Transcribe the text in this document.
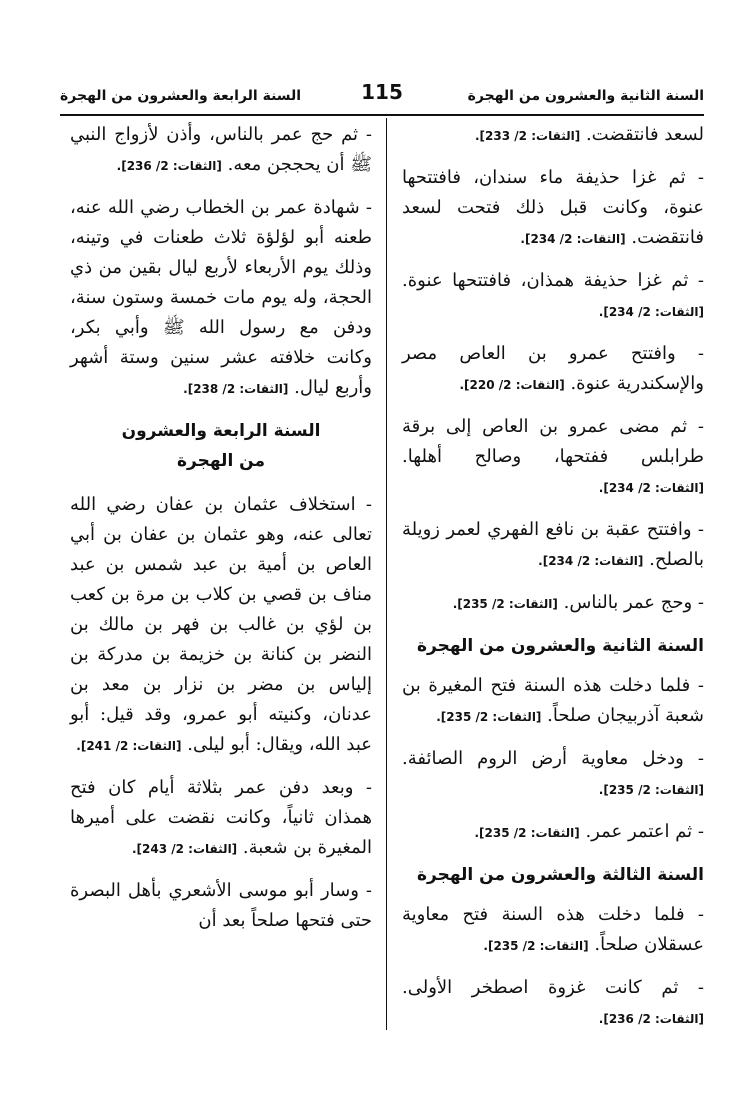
السنة الثانية والعشرون من الهجرة
115
السنة الرابعة والعشرون من الهجرة

لسعد فانتقضت. [الثقات: 2/ 233].

- ثم غزا حذيفة ماء سندان، فافتتحها عنوة، وكانت قبل ذلك فتحت لسعد فانتقضت. [الثقات: 2/ 234].

- ثم غزا حذيفة همذان، فافتتحها عنوة. [الثقات: 2/ 234].

- وافتتح عمرو بن العاص مصر والإسكندرية عنوة. [الثقات: 2/ 220].

- ثم مضى عمرو بن العاص إلى برقة طرابلس ففتحها، وصالح أهلها. [الثقات: 2/ 234].

- وافتتح عقبة بن نافع الفهري لعمر زويلة بالصلح. [الثقات: 2/ 234].

- وحج عمر بالناس. [الثقات: 2/ 235].

السنة الثانية والعشرون من الهجرة

- فلما دخلت هذه السنة فتح المغيرة بن شعبة آذربيجان صلحاً. [الثقات: 2/ 235].

- ودخل معاوية أرض الروم الصائفة. [الثقات: 2/ 235].

- ثم اعتمر عمر. [الثقات: 2/ 235].

السنة الثالثة والعشرون من الهجرة

- فلما دخلت هذه السنة فتح معاوية عسقلان صلحاً. [الثقات: 2/ 235].

- ثم كانت غزوة اصطخر الأولى. [الثقات: 2/ 236].

- ثم حج عمر بالناس، وأذن لأزواج النبي ﷺ أن يحججن معه. [الثقات: 2/ 236].

- شهادة عمر بن الخطاب رضي الله عنه، طعنه أبو لؤلؤة ثلاث طعنات في وتينه، وذلك يوم الأربعاء لأربع ليال بقين من ذي الحجة، وله يوم مات خمسة وستون سنة، ودفن مع رسول الله ﷺ وأبي بكر، وكانت خلافته عشر سنين وستة أشهر وأربع ليال. [الثقات: 2/ 238].

السنة الرابعة والعشرون
من الهجرة

- استخلاف عثمان بن عفان رضي الله تعالى عنه، وهو عثمان بن عفان بن أبي العاص بن أمية بن عبد شمس بن عبد مناف بن قصي بن كلاب بن مرة بن كعب بن لؤي بن غالب بن فهر بن مالك بن النضر بن كنانة بن خزيمة بن مدركة بن إلياس بن مضر بن نزار بن معد بن عدنان، وكنيته أبو عمرو، وقد قيل: أبو عبد الله، ويقال: أبو ليلى. [الثقات: 2/ 241].

- وبعد دفن عمر بثلاثة أيام كان فتح همذان ثانياً، وكانت نقضت على أميرها المغيرة بن شعبة. [الثقات: 2/ 243].

- وسار أبو موسى الأشعري بأهل البصرة حتى فتحها صلحاً بعد أن
